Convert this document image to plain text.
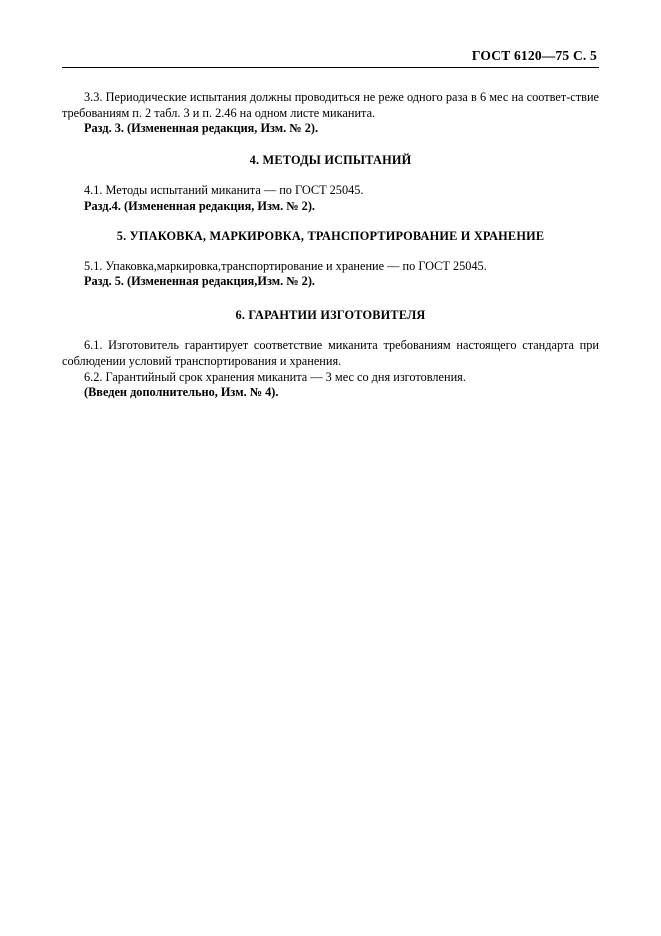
ГОСТ 6120—75 С. 5

3.3. Периодические испытания должны проводиться не реже одного раза в 6 мес на соответ-ствие требованиям п. 2 табл. 3 и п. 2.46 на одном листе миканита.

Разд. 3. (Измененная редакция, Изм. № 2).

4. МЕТОДЫ ИСПЫТАНИЙ

4.1. Методы испытаний миканита — по ГОСТ 25045.

Разд.4. (Измененная редакция, Изм. № 2).

5. УПАКОВКА, МАРКИРОВКА, ТРАНСПОРТИРОВАНИЕ И ХРАНЕНИЕ

5.1. Упаковка,маркировка,транспортирование и хранение — по ГОСТ 25045.

Разд. 5. (Измененная редакция,Изм. № 2).

6. ГАРАНТИИ ИЗГОТОВИТЕЛЯ

6.1. Изготовитель гарантирует соответствие миканита требованиям настоящего стандарта при соблюдении условий транспортирования и хранения.

6.2. Гарантийный срок хранения миканита — 3 мес со дня изготовления.

(Введен дополнительно, Изм. № 4).
